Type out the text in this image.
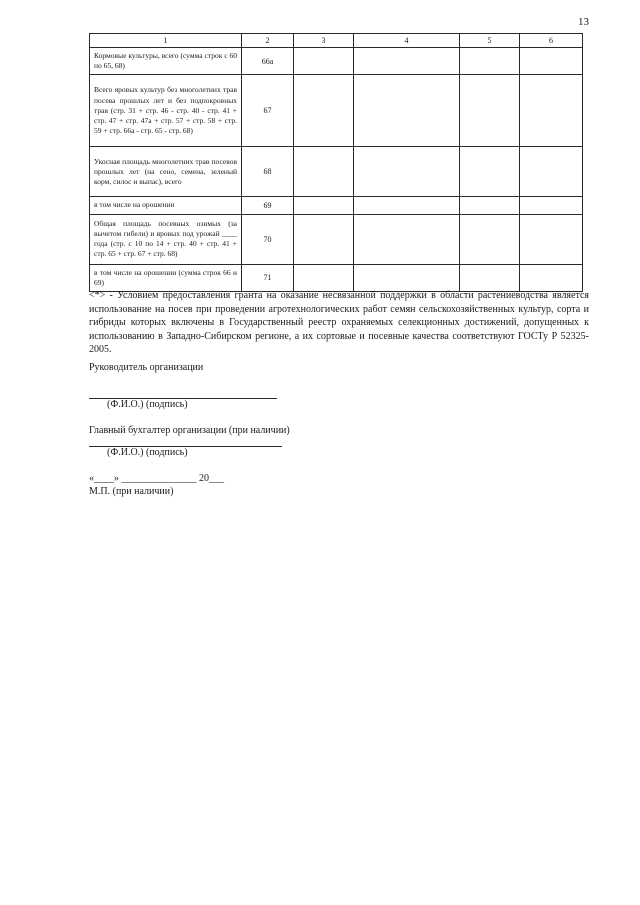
13
1	2	3	4	5	6
Кормовые культуры, всего (сумма строк с 60 по 65, 68)	66а				
Всего яровых культур без многолетних трав посева прошлых лет и без подпокровных трав (стр. 31 + стр. 46 - стр. 40 - стр. 41 + стр. 47 + стр. 47а + стр. 57 + стр. 58 + стр. 59 + стр. 66а - стр. 65 - стр. 68)	67				
Укосная площадь многолетних трав посевов прошлых лет (на сено, семена, зеленый корм, силос и выпас), всего	68				
в том числе на орошении	69				
Общая площадь посевных озимых (за вычетом гибели) и яровых под урожай ____ года (стр. с 10 по 14 + стр. 40 + стр. 41 + стр. 65 + стр. 67 + стр. 68)	70				
в том числе на орошении (сумма строк 66 и 69)	71				
<*> - Условием предоставления гранта на оказание несвязанной поддержки в области растениеводства является использование на посев при проведении агротехнологических работ семян сельскохозяйственных культур, сорта и гибриды которых включены в Государственный реестр охраняемых селекционных достижений, допущенных к использованию в Западно-Сибирском регионе, а их сортовые и посевные качества соответствуют ГОСТу Р 52325-2005.
Руководитель организации
(Ф.И.О.) (подпись)
Главный бухгалтер организации (при наличии)
(Ф.И.О.) (подпись)
«____» _______________ 20___
М.П. (при наличии)
